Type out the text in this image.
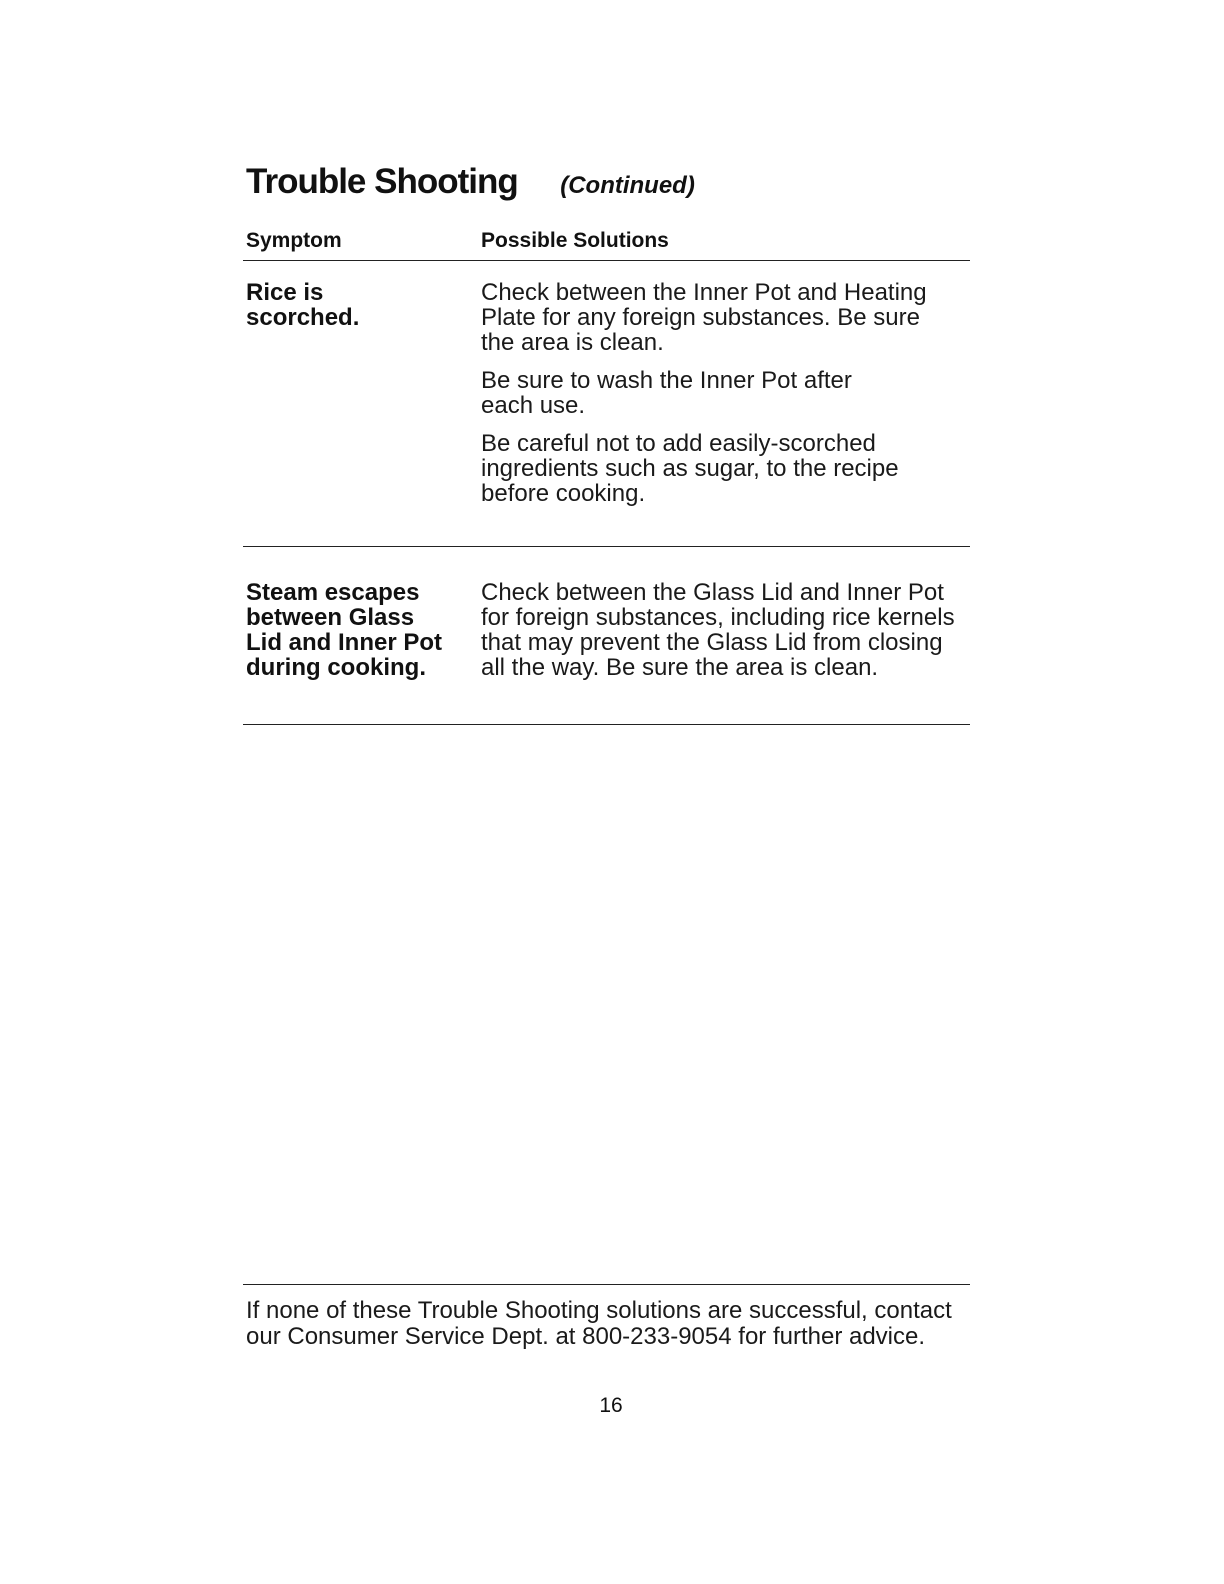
Trouble Shooting (Continued)
Symptom	Possible Solutions
Rice is
scorched.

Check between the Inner Pot and Heating
Plate for any foreign substances. Be sure
the area is clean.

Be sure to wash the Inner Pot after
each use.

Be careful not to add easily-scorched
ingredients such as sugar, to the recipe
before cooking.

Steam escapes
between Glass
Lid and Inner Pot
during cooking.

Check between the Glass Lid and Inner Pot
for foreign substances, including rice kernels
that may prevent the Glass Lid from closing
all the way. Be sure the area is clean.

If none of these Trouble Shooting solutions are successful, contact
our Consumer Service Dept. at 800-233-9054 for further advice.
16
